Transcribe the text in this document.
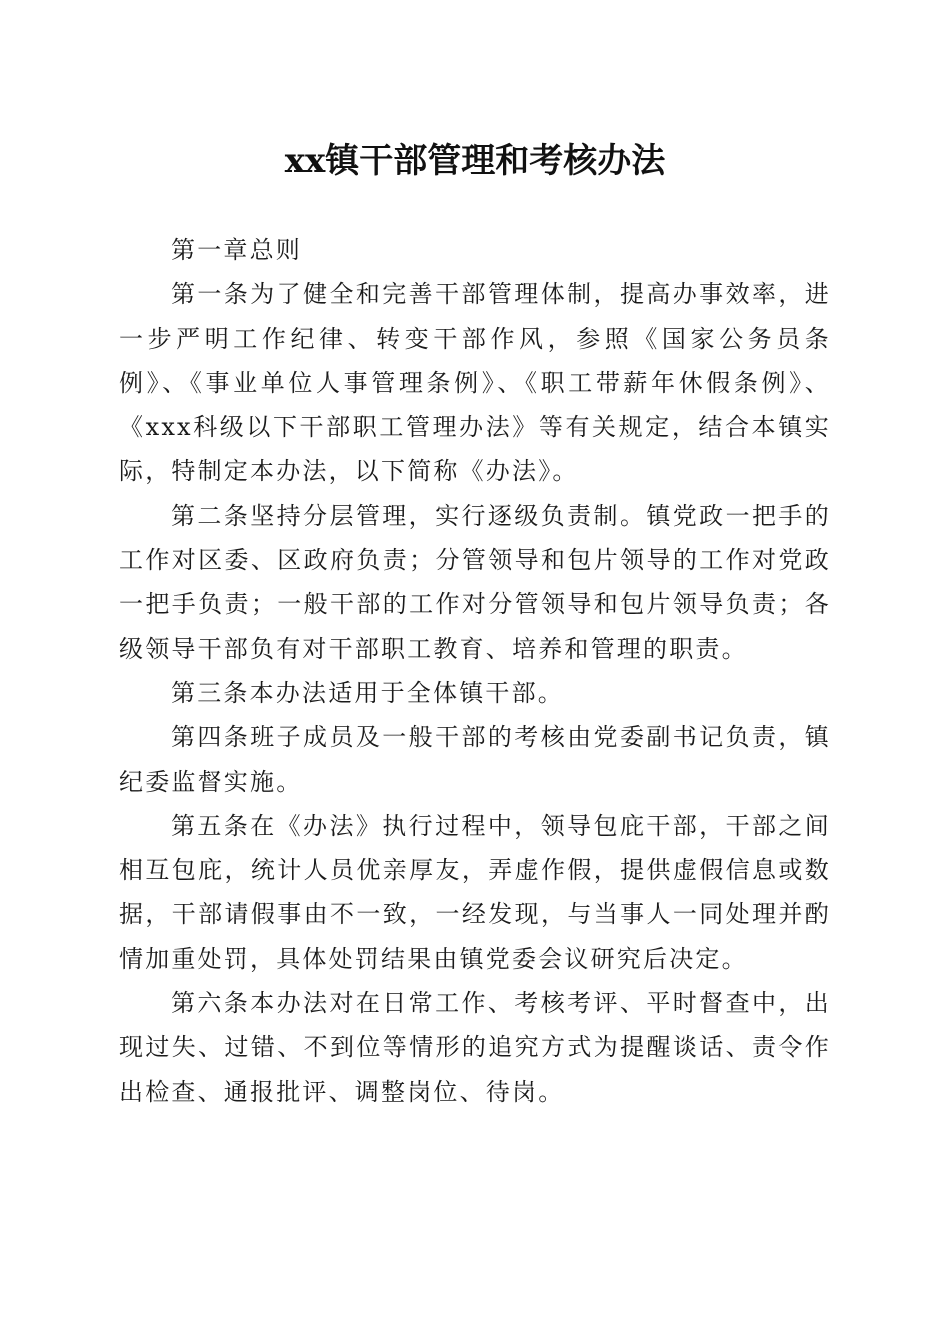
xx镇干部管理和考核办法

第一章总则

第一条为了健全和完善干部管理体制，提高办事效率，进一步严明工作纪律、转变干部作风，参照《国家公务员条例》、《事业单位人事管理条例》、《职工带薪年休假条例》、《xxx科级以下干部职工管理办法》等有关规定，结合本镇实际，特制定本办法，以下简称《办法》。

第二条坚持分层管理，实行逐级负责制。镇党政一把手的工作对区委、区政府负责；分管领导和包片领导的工作对党政一把手负责；一般干部的工作对分管领导和包片领导负责；各级领导干部负有对干部职工教育、培养和管理的职责。

第三条本办法适用于全体镇干部。

第四条班子成员及一般干部的考核由党委副书记负责，镇纪委监督实施。

第五条在《办法》执行过程中，领导包庇干部，干部之间相互包庇，统计人员优亲厚友，弄虚作假，提供虚假信息或数据，干部请假事由不一致，一经发现，与当事人一同处理并酌情加重处罚，具体处罚结果由镇党委会议研究后决定。

第六条本办法对在日常工作、考核考评、平时督查中，出现过失、过错、不到位等情形的追究方式为提醒谈话、责令作出检查、通报批评、调整岗位、待岗。
